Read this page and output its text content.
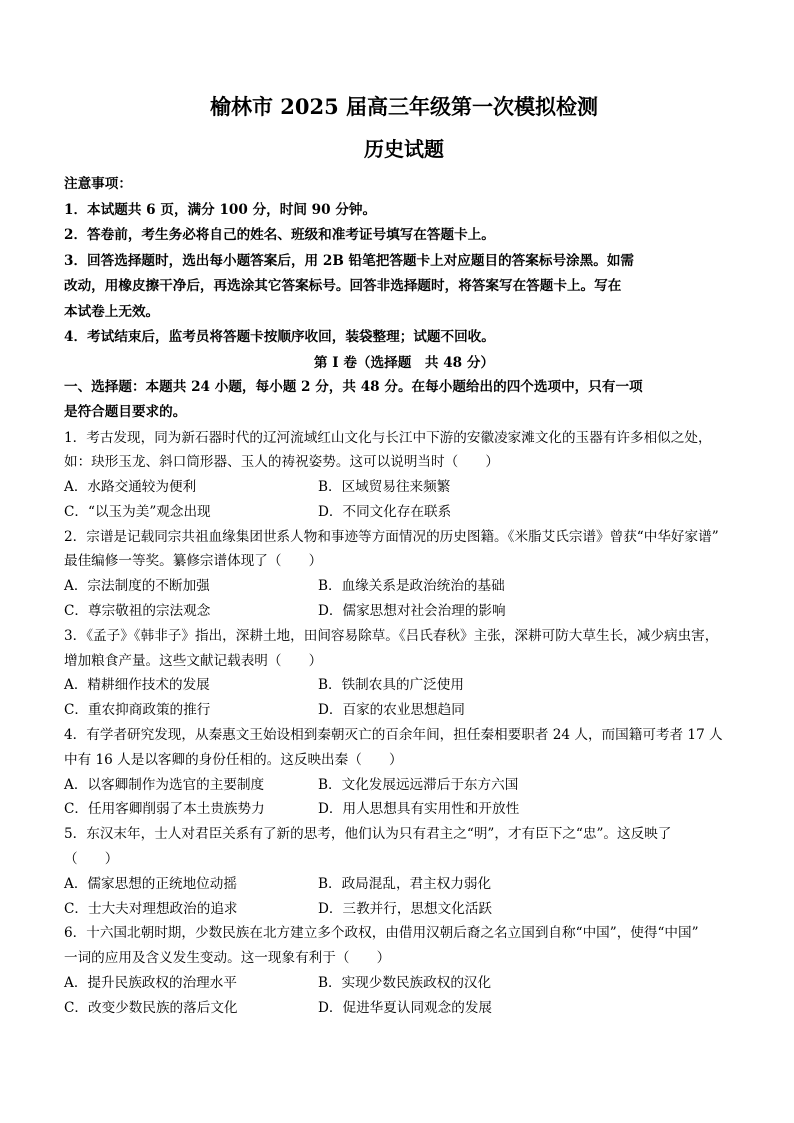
榆林市 2025 届高三年级第一次模拟检测
历史试题
注意事项：
1．本试题共 6 页，满分 100 分，时间 90 分钟。
2．答卷前，考生务必将自己的姓名、班级和准考证号填写在答题卡上。
3．回答选择题时，选出每小题答案后，用 2B 铅笔把答题卡上对应题目的答案标号涂黑。如需
改动，用橡皮擦干净后，再选涂其它答案标号。回答非选择题时，将答案写在答题卡上。写在
本试卷上无效。
4．考试结束后，监考员将答题卡按顺序收回，装袋整理；试题不回收。
第 I 卷（选择题　共 48 分）
一、选择题：本题共 24 小题，每小题 2 分，共 48 分。在每小题给出的四个选项中，只有一项
是符合题目要求的。
1．考古发现，同为新石器时代的辽河流域红山文化与长江中下游的安徽凌家滩文化的玉器有许多相似之处，
如：玦形玉龙、斜口筒形器、玉人的祷祝姿势。这可以说明当时（　　）
A．水路交通较为便利	B．区域贸易往来频繁
C．“以玉为美”观念出现	D．不同文化存在联系
2．宗谱是记载同宗共祖血缘集团世系人物和事迹等方面情况的历史图籍。《米脂艾氏宗谱》曾获“中华好家谱”
最佳编修一等奖。纂修宗谱体现了（　　）
A．宗法制度的不断加强	B．血缘关系是政治统治的基础
C．尊宗敬祖的宗法观念	D．儒家思想对社会治理的影响
3．《孟子》《韩非子》指出，深耕土地，田间容易除草。《吕氏春秋》主张，深耕可防大草生长，减少病虫害，
增加粮食产量。这些文献记载表明（　　）
A．精耕细作技术的发展	B．铁制农具的广泛使用
C．重农抑商政策的推行	D．百家的农业思想趋同
4．有学者研究发现，从秦惠文王始设相到秦朝灭亡的百余年间，担任秦相要职者 24 人，而国籍可考者 17 人
中有 16 人是以客卿的身份任相的。这反映出秦（　　）
A．以客卿制作为选官的主要制度	B．文化发展远远滞后于东方六国
C．任用客卿削弱了本土贵族势力	D．用人思想具有实用性和开放性
5．东汉末年，士人对君臣关系有了新的思考，他们认为只有君主之“明”，才有臣下之“忠”。这反映了
（　　）
A．儒家思想的正统地位动摇	B．政局混乱，君主权力弱化
C．士大夫对理想政治的追求	D．三教并行，思想文化活跃
6．十六国北朝时期，少数民族在北方建立多个政权，由借用汉朝后裔之名立国到自称“中国”，使得“中国”
一词的应用及含义发生变动。这一现象有利于（　　）
A．提升民族政权的治理水平	B．实现少数民族政权的汉化
C．改变少数民族的落后文化	D．促进华夏认同观念的发展
